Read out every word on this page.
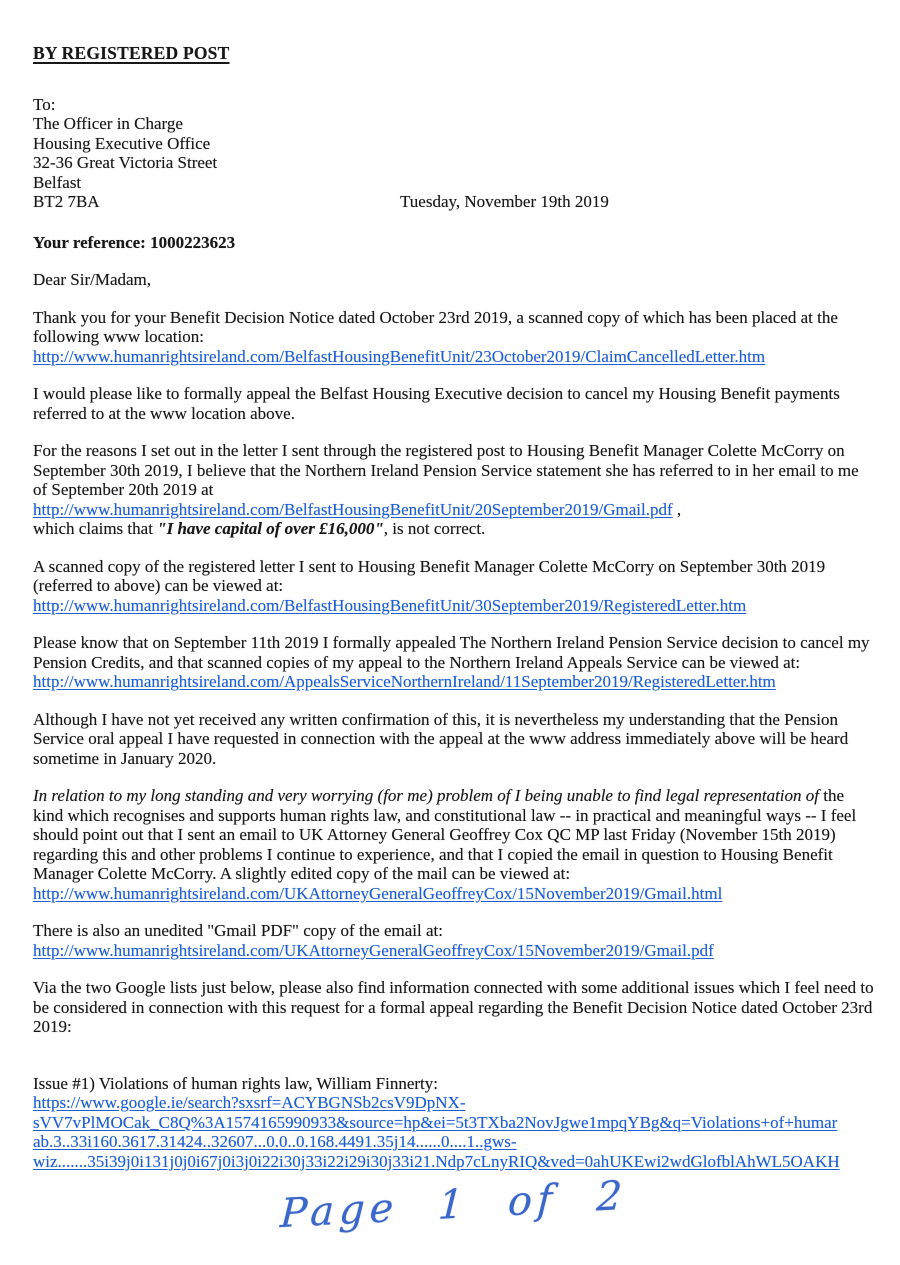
BY REGISTERED POST
To:
The Officer in Charge
Housing Executive Office
32-36 Great Victoria Street
Belfast
BT2 7BA	Tuesday, November 19th 2019
Your reference: 1000223623
Dear Sir/Madam,
Thank you for your Benefit Decision Notice dated October 23rd 2019, a scanned copy of which has been placed at the following www location:
http://www.humanrightsireland.com/BelfastHousingBenefitUnit/23October2019/ClaimCancelledLetter.htm
I would please like to formally appeal the Belfast Housing Executive decision to cancel my Housing Benefit payments referred to at the www location above.
For the reasons I set out in the letter I sent through the registered post to Housing Benefit Manager Colette McCorry on September 30th 2019, I believe that the Northern Ireland Pension Service statement she has referred to in her email to me of September 20th 2019 at
http://www.humanrightsireland.com/BelfastHousingBenefitUnit/20September2019/Gmail.pdf ,
which claims that "I have capital of over £16,000", is not correct.
A scanned copy of the registered letter I sent to Housing Benefit Manager Colette McCorry on September 30th 2019 (referred to above) can be viewed at:
http://www.humanrightsireland.com/BelfastHousingBenefitUnit/30September2019/RegisteredLetter.htm
Please know that on September 11th 2019 I formally appealed The Northern Ireland Pension Service decision to cancel my Pension Credits, and that scanned copies of my appeal to the Northern Ireland Appeals Service can be viewed at:
http://www.humanrightsireland.com/AppealsServiceNorthernIreland/11September2019/RegisteredLetter.htm
Although I have not yet received any written confirmation of this, it is nevertheless my understanding that the Pension Service oral appeal I have requested in connection with the appeal at the www address immediately above will be heard sometime in January 2020.
In relation to my long standing and very worrying (for me) problem of I being unable to find legal representation of the kind which recognises and supports human rights law, and constitutional law -- in practical and meaningful ways -- I feel should point out that I sent an email to UK Attorney General Geoffrey Cox QC MP last Friday (November 15th 2019) regarding this and other problems I continue to experience, and that I copied the email in question to Housing Benefit Manager Colette McCorry. A slightly edited copy of the mail can be viewed at:
http://www.humanrightsireland.com/UKAttorneyGeneralGeoffreyCox/15November2019/Gmail.html
There is also an unedited "Gmail PDF" copy of the email at:
http://www.humanrightsireland.com/UKAttorneyGeneralGeoffreyCox/15November2019/Gmail.pdf
Via the two Google lists just below, please also find information connected with some additional issues which I feel need to be considered in connection with this request for a formal appeal regarding the Benefit Decision Notice dated October 23rd 2019:
Issue #1) Violations of human rights law, William Finnerty:
https://www.google.ie/search?sxsrf=ACYBGNSb2csV9DpNX-
sVV7vPlMOCak_C8Q%3A1574165990933&source=hp&ei=5t3TXba2NovJgwe1mpqYBg&q=Violations+of+humar
ab.3..33i160.3617.31424..32607...0.0..0.168.4491.35j14......0....1..gws-
wiz.......35i39j0i131j0j0i67j0i3j0i22i30j33i22i29i30j33i21.Ndp7cLnyRIQ&ved=0ahUKEwi2wdGlofblAhWL5OAKH
Page 1 of 2
